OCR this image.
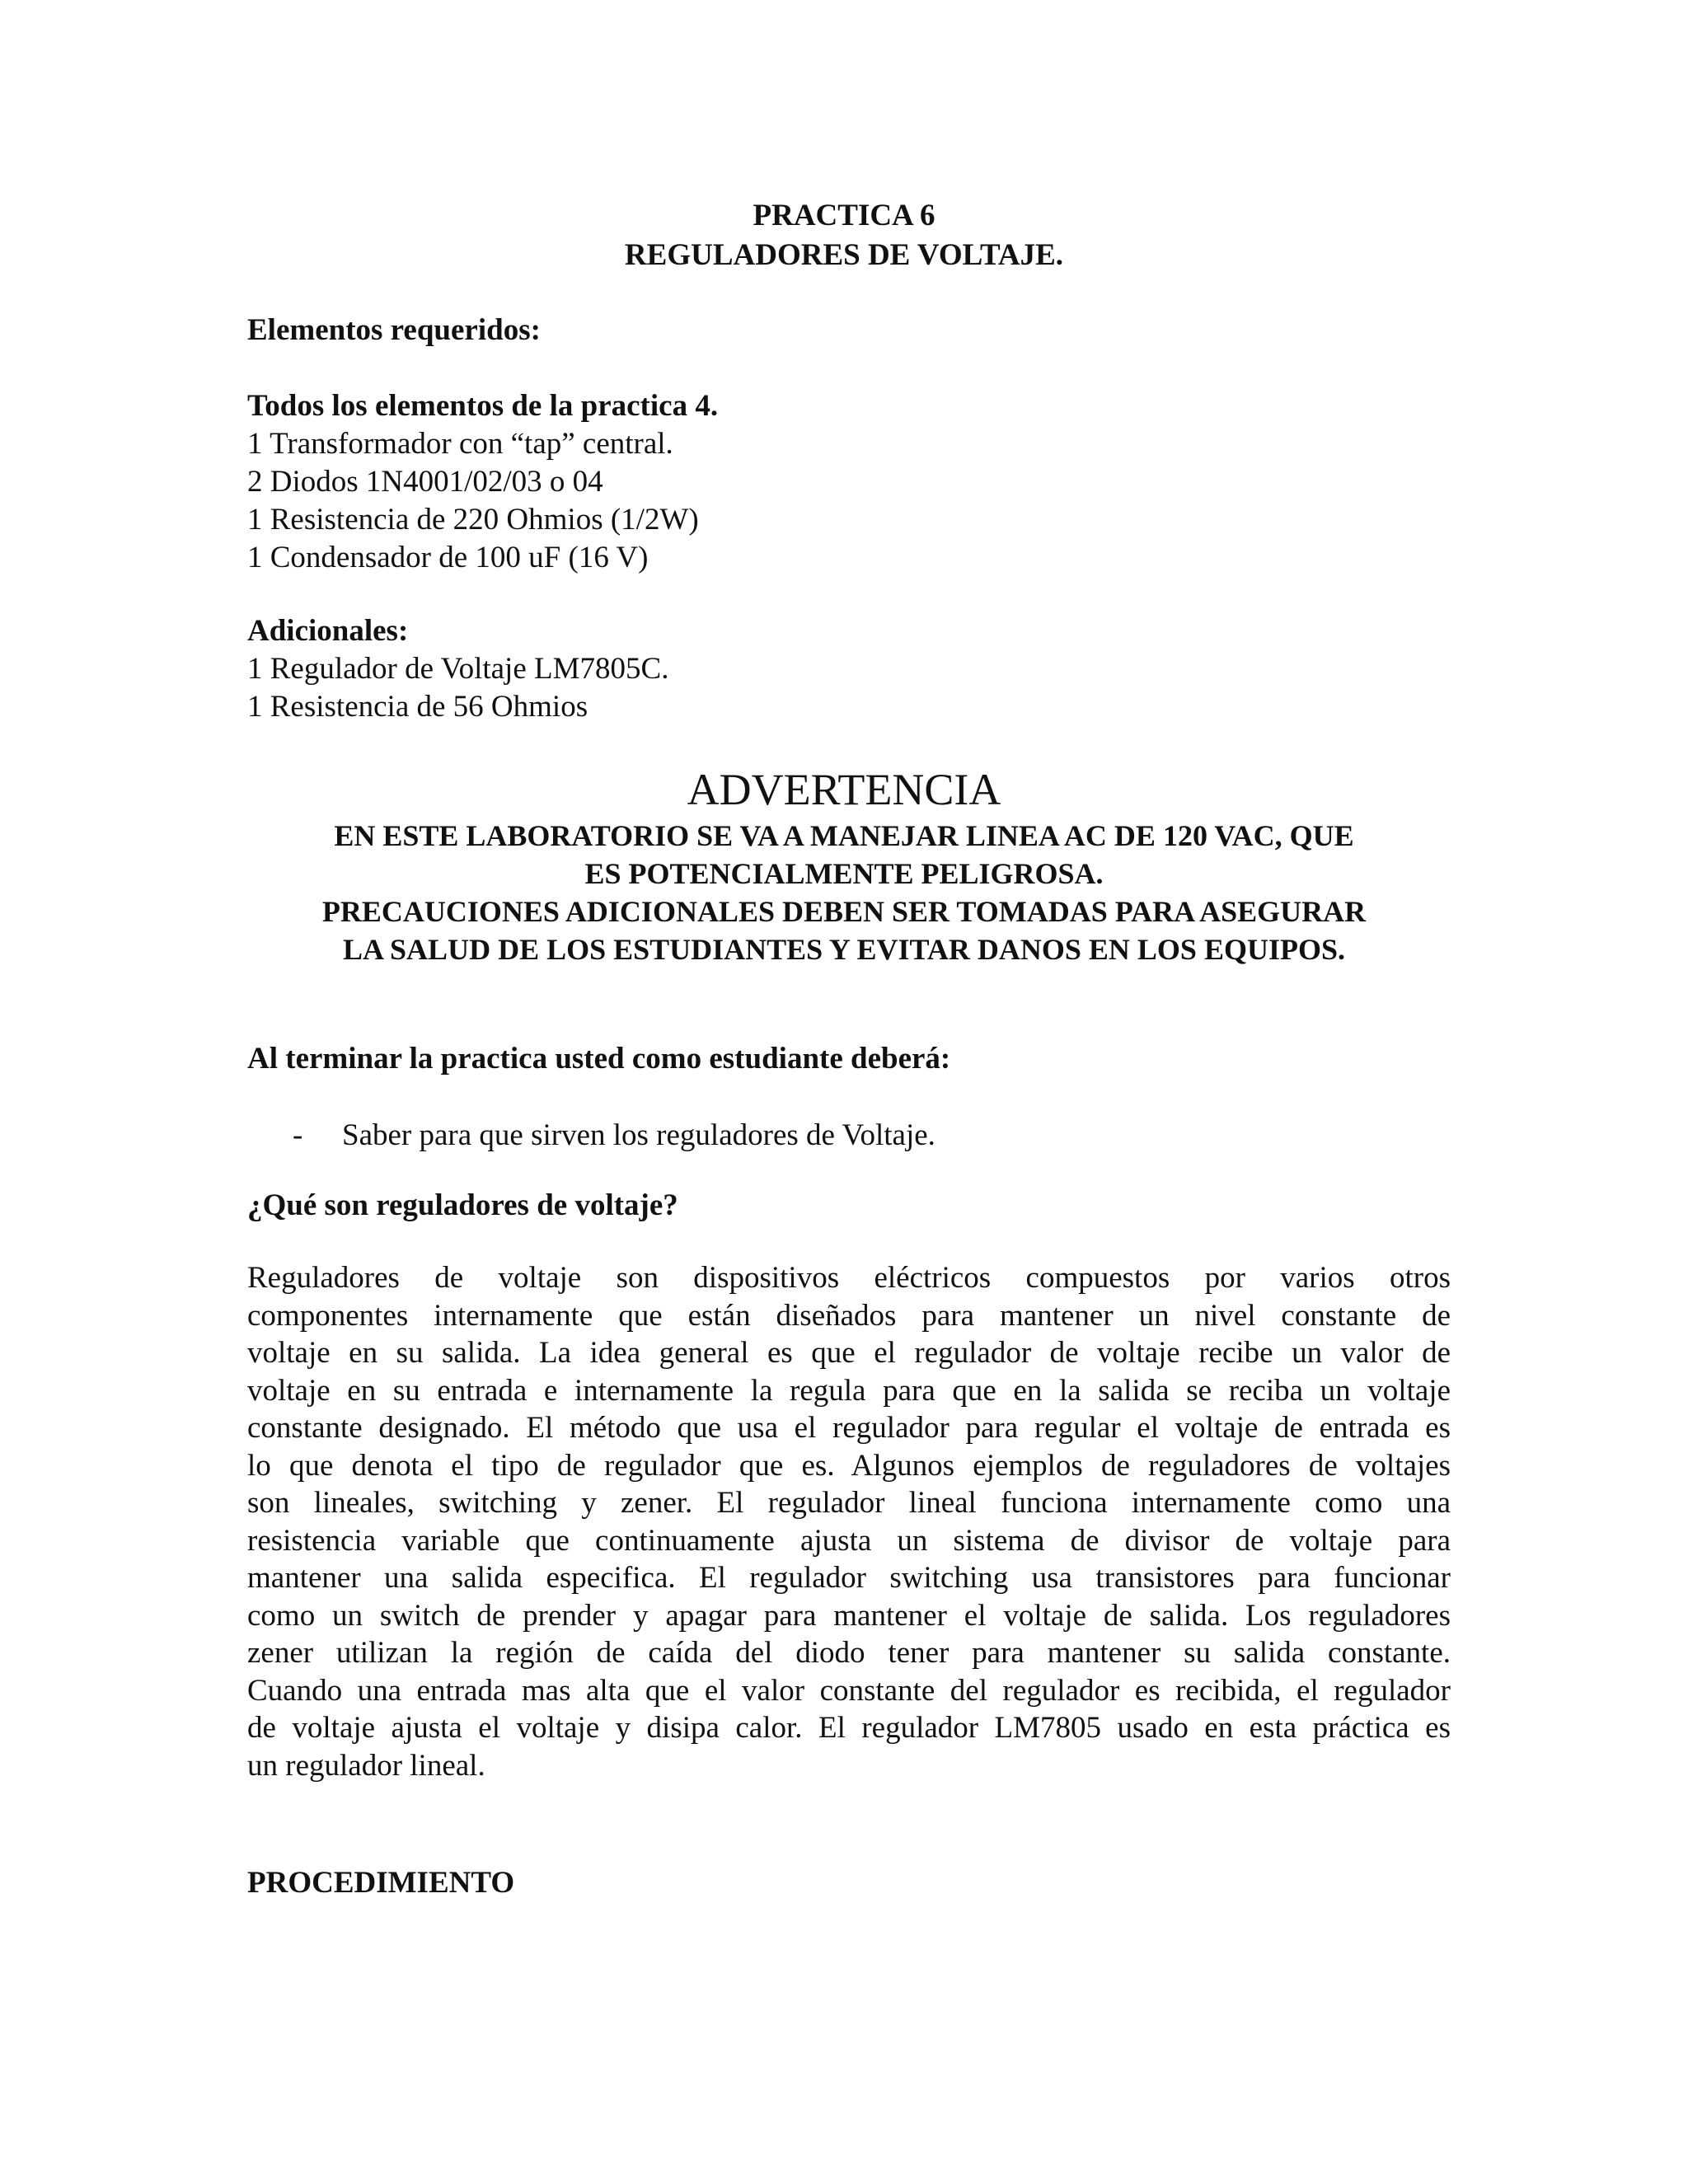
PRACTICA 6
REGULADORES DE VOLTAJE.
Elementos requeridos:
Todos los elementos de la practica 4.
1 Transformador con “tap” central.
2 Diodos 1N4001/02/03 o 04
1 Resistencia de 220 Ohmios (1/2W)
1 Condensador de 100 uF (16 V)
Adicionales:
1 Regulador de Voltaje LM7805C.
1 Resistencia de 56 Ohmios
ADVERTENCIA
EN ESTE LABORATORIO SE VA A MANEJAR LINEA AC DE 120 VAC, QUE
ES POTENCIALMENTE PELIGROSA.
PRECAUCIONES ADICIONALES DEBEN SER TOMADAS PARA ASEGURAR
LA SALUD DE LOS ESTUDIANTES Y EVITAR DANOS EN LOS EQUIPOS.
Al terminar la practica usted como estudiante deberá:
- Saber para que sirven los reguladores de Voltaje.
¿Qué son reguladores de voltaje?
Reguladores de voltaje son dispositivos eléctricos compuestos por varios otros
componentes internamente que están diseñados para mantener un nivel constante de
voltaje en su salida. La idea general es que el regulador de voltaje recibe un valor de
voltaje en su entrada e internamente la regula para que en la salida se reciba un voltaje
constante designado. El método que usa el regulador para regular el voltaje de entrada es
lo que denota el tipo de regulador que es. Algunos ejemplos de reguladores de voltajes
son lineales, switching y zener. El regulador lineal funciona internamente como una
resistencia variable que continuamente ajusta un sistema de divisor de voltaje para
mantener una salida especifica. El regulador switching usa transistores para funcionar
como un switch de prender y apagar para mantener el voltaje de salida. Los reguladores
zener utilizan la región de caída del diodo tener para mantener su salida constante.
Cuando una entrada mas alta que el valor constante del regulador es recibida, el regulador
de voltaje ajusta el voltaje y disipa calor. El regulador LM7805 usado en esta práctica es
un regulador lineal.
PROCEDIMIENTO
